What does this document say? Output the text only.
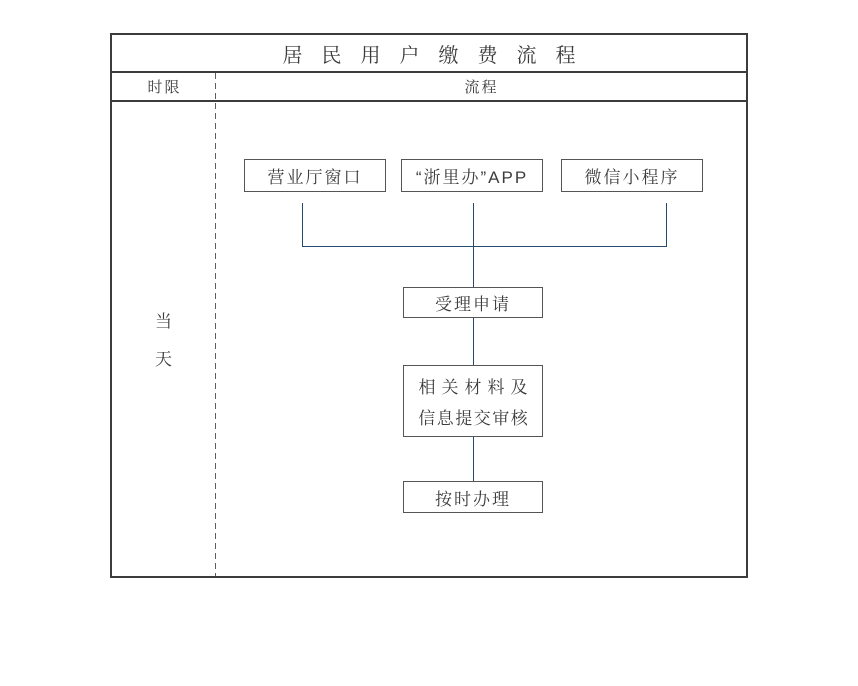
居民用户缴费流程
时限	流程
当
天
营业厅窗口	“浙里办”APP	微信小程序
受理申请
相关材料及
信息提交审核
按时办理
